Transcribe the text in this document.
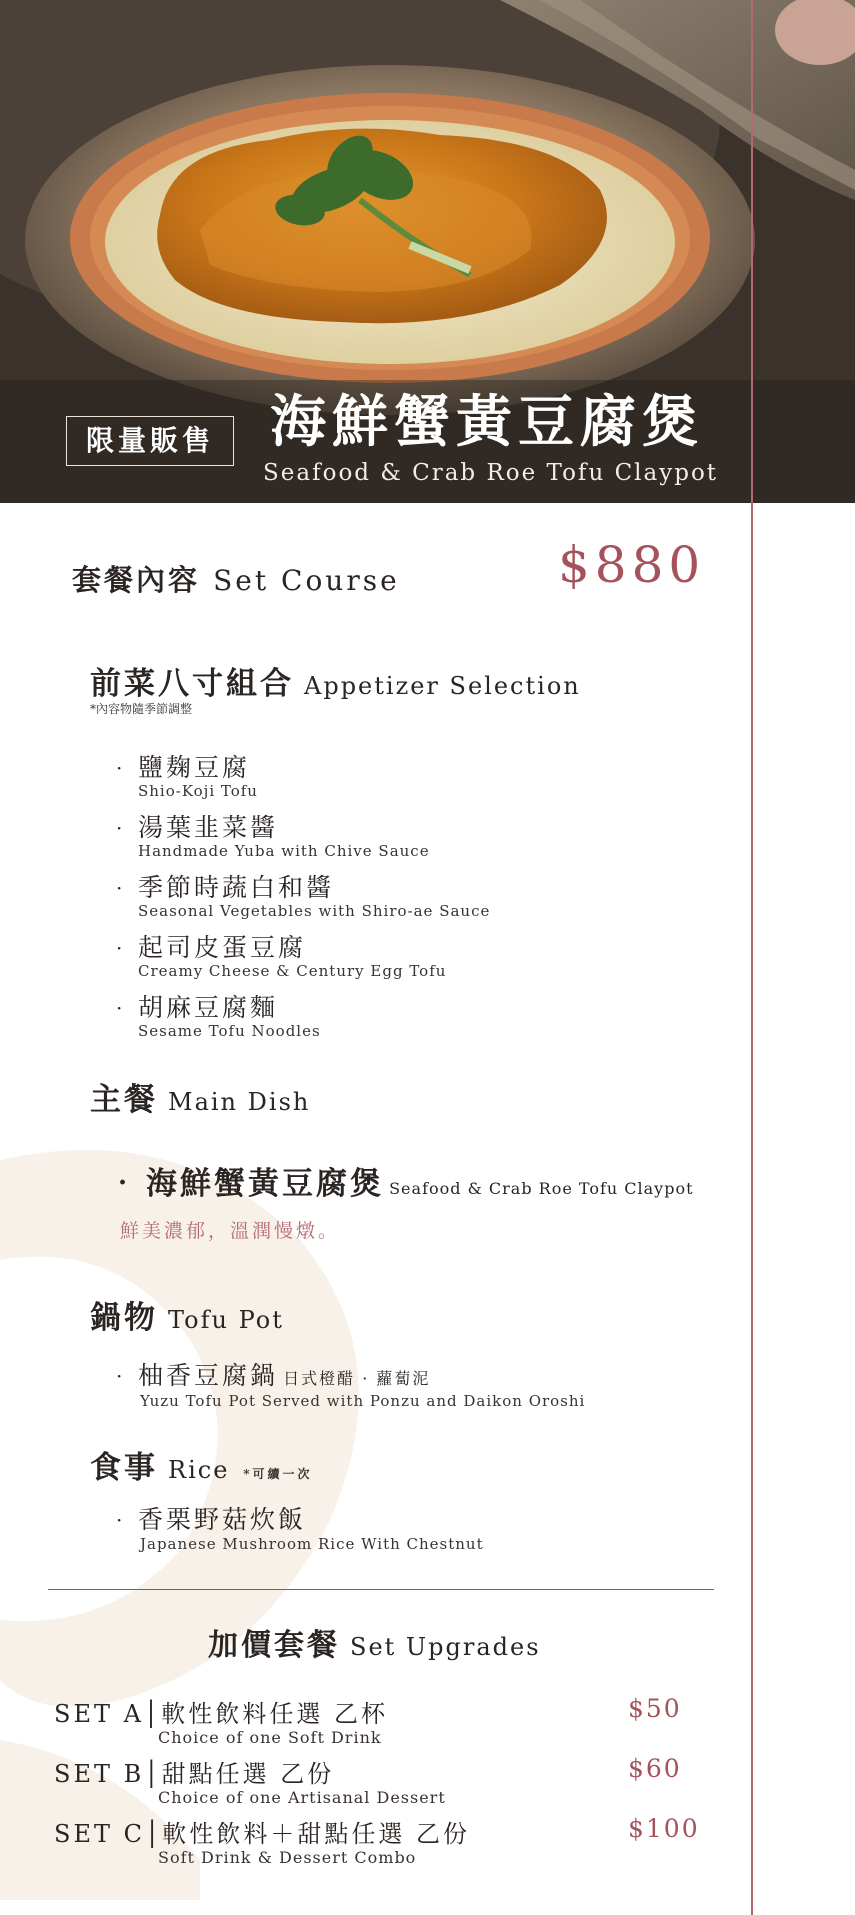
限量販售	海鮮蟹黃豆腐煲
Seafood & Crab Roe Tofu Claypot
套餐內容 Set Course	$880
前菜八寸組合 Appetizer Selection
*內容物隨季節調整
· 鹽麹豆腐
Shio-Koji Tofu
· 湯葉韭菜醬
Handmade Yuba with Chive Sauce
· 季節時蔬白和醬
Seasonal Vegetables with Shiro-ae Sauce
· 起司皮蛋豆腐
Creamy Cheese & Century Egg Tofu
· 胡麻豆腐麵
Sesame Tofu Noodles
主餐 Main Dish
· 海鮮蟹黃豆腐煲 Seafood & Crab Roe Tofu Claypot
鮮美濃郁，溫潤慢燉。
鍋物 Tofu Pot
· 柚香豆腐鍋 日式橙醋 · 蘿蔔泥
Yuzu Tofu Pot Served with Ponzu and Daikon Oroshi
食事 Rice *可續一次
· 香栗野菇炊飯
Japanese Mushroom Rice With Chestnut
加價套餐 Set Upgrades
SET A│軟性飲料任選 乙杯
Choice of one Soft Drink
$50
SET B│甜點任選 乙份
Choice of one Artisanal Dessert
$60
SET C│軟性飲料＋甜點任選 乙份
Soft Drink & Dessert Combo
$100
